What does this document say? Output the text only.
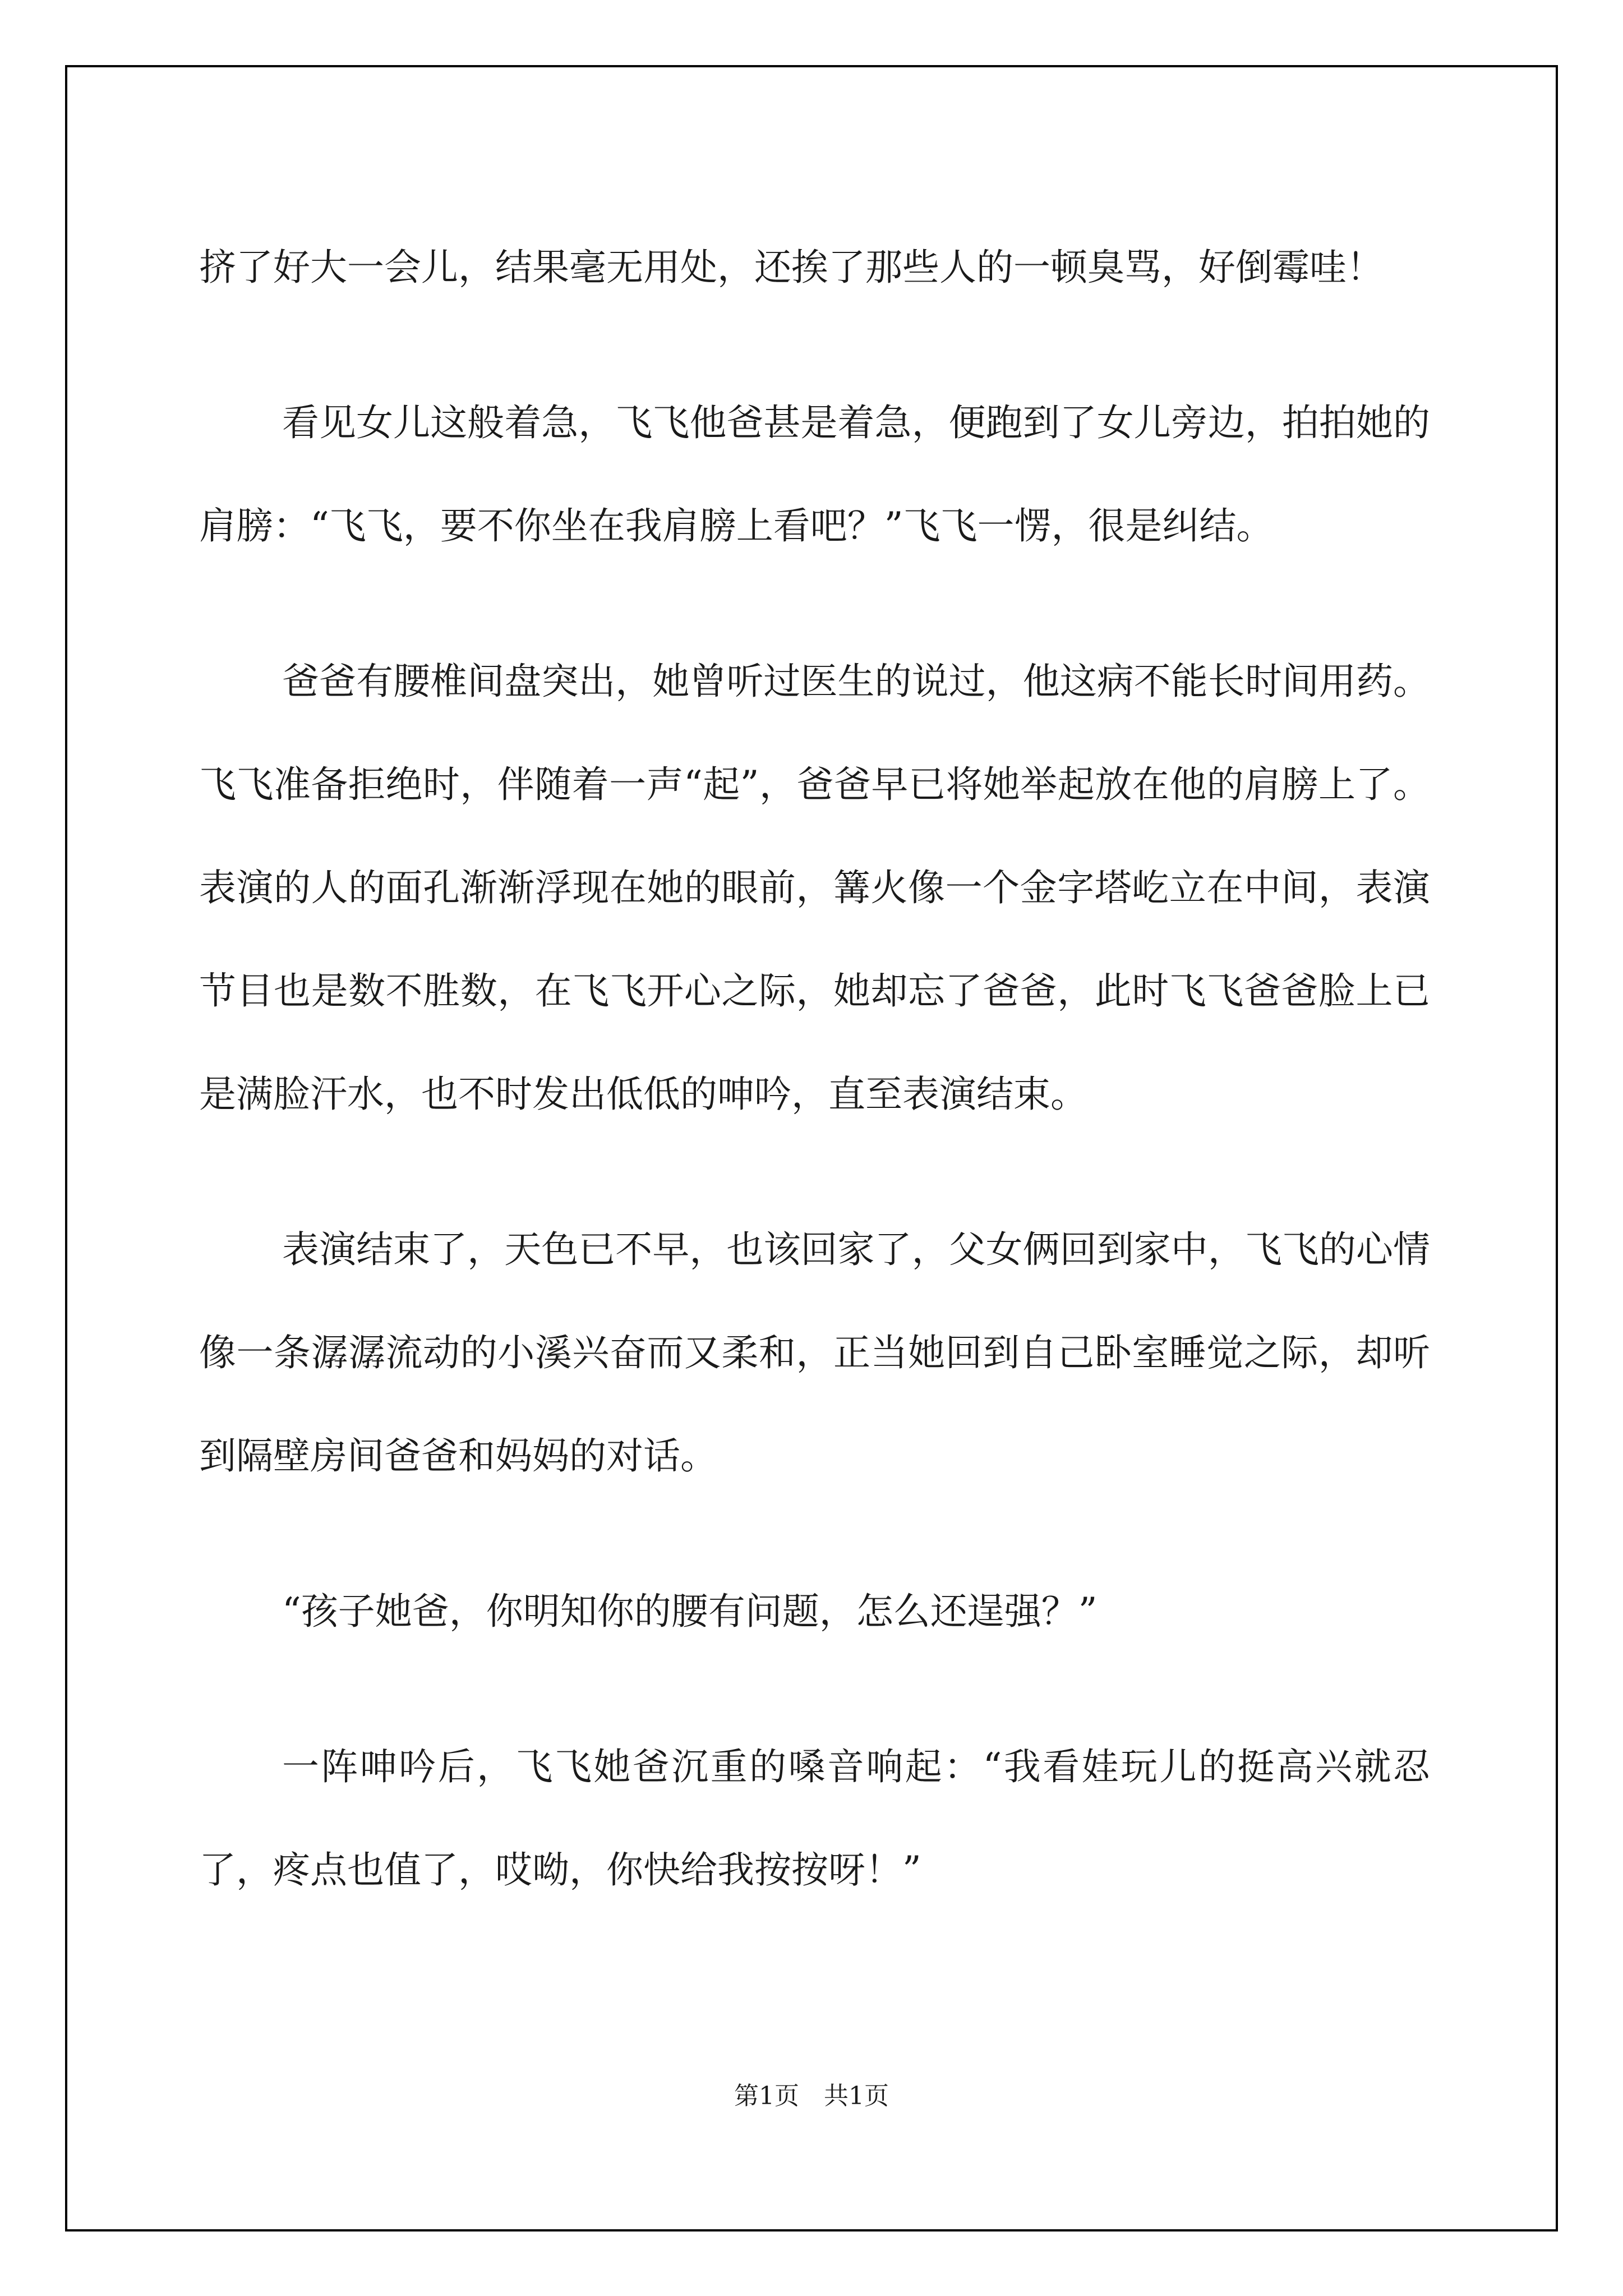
挤了好大一会儿，结果毫无用处，还挨了那些人的一顿臭骂，好倒霉哇！

看见女儿这般着急，飞飞他爸甚是着急，便跑到了女儿旁边，拍拍她的肩膀：“飞飞，要不你坐在我肩膀上看吧？”飞飞一愣，很是纠结。

爸爸有腰椎间盘突出，她曾听过医生的说过，他这病不能长时间用药。飞飞准备拒绝时，伴随着一声“起”，爸爸早已将她举起放在他的肩膀上了。表演的人的面孔渐渐浮现在她的眼前，篝火像一个金字塔屹立在中间，表演节目也是数不胜数，在飞飞开心之际，她却忘了爸爸，此时飞飞爸爸脸上已是满脸汗水，也不时发出低低的呻吟，直至表演结束。

表演结束了，天色已不早，也该回家了，父女俩回到家中，飞飞的心情像一条潺潺流动的小溪兴奋而又柔和，正当她回到自己卧室睡觉之际，却听到隔壁房间爸爸和妈妈的对话。

“孩子她爸，你明知你的腰有问题，怎么还逞强？”

一阵呻吟后，飞飞她爸沉重的嗓音响起：“我看娃玩儿的挺高兴就忍了，疼点也值了，哎呦，你快给我按按呀！”

第1页　共1页
